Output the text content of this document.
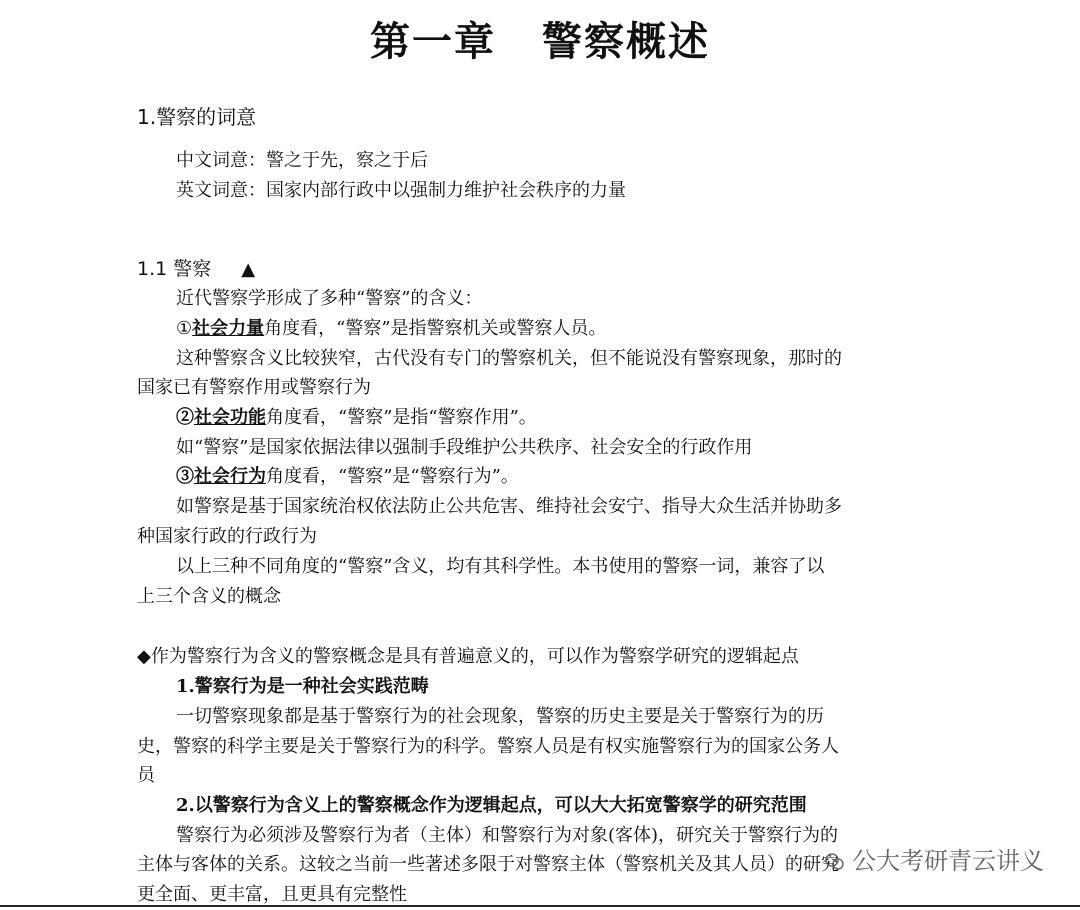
第一章 警察概述
1.警察的词意
中文词意：警之于先，察之于后
英文词意：国家内部行政中以强制力维护社会秩序的力量
1.1 警察 ▲
近代警察学形成了多种“警察”的含义：
①社会力量角度看，“警察”是指警察机关或警察人员。
这种警察含义比较狭窄，古代没有专门的警察机关，但不能说没有警察现象，那时的
国家已有警察作用或警察行为
②社会功能角度看，“警察”是指“警察作用”。
如“警察”是国家依据法律以强制手段维护公共秩序、社会安全的行政作用
③社会行为角度看，“警察”是“警察行为”。
如警察是基于国家统治权依法防止公共危害、维持社会安宁、指导大众生活并协助多
种国家行政的行政行为
以上三种不同角度的“警察”含义，均有其科学性。本书使用的警察一词，兼容了以
上三个含义的概念
◆作为警察行为含义的警察概念是具有普遍意义的，可以作为警察学研究的逻辑起点
1.警察行为是一种社会实践范畴
一切警察现象都是基于警察行为的社会现象，警察的历史主要是关于警察行为的历
史，警察的科学主要是关于警察行为的科学。警察人员是有权实施警察行为的国家公务人
员
2.以警察行为含义上的警察概念作为逻辑起点，可以大大拓宽警察学的研究范围
警察行为必须涉及警察行为者（主体）和警察行为对象(客体)，研究关于警察行为的
主体与客体的关系。这较之当前一些著述多限于对警察主体（警察机关及其人员）的研究
更全面、更丰富，且更具有完整性
公大考研青云讲义
